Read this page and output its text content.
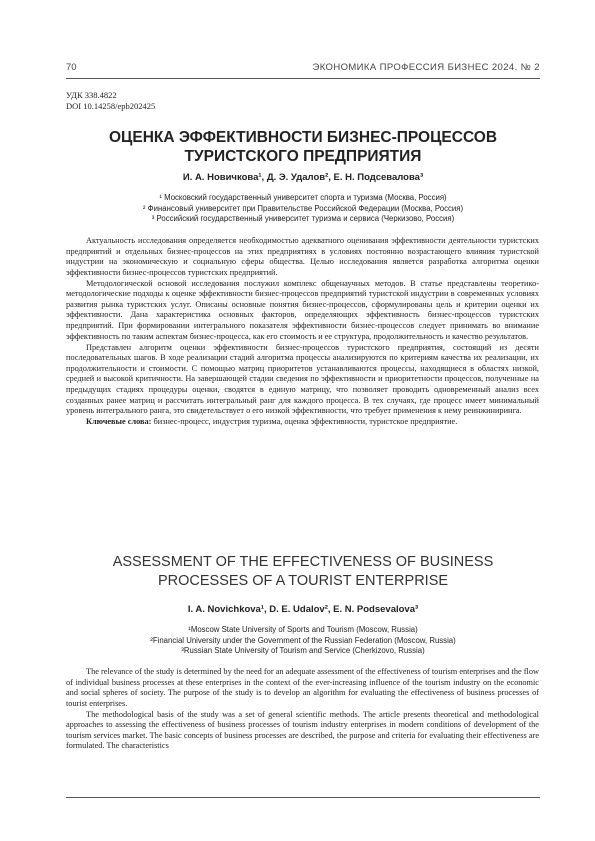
70	ЭКОНОМИКА ПРОФЕССИЯ БИЗНЕС 2024. № 2
УДК 338.4822
DOI 10.14258/epb202425
ОЦЕНКА ЭФФЕКТИВНОСТИ БИЗНЕС-ПРОЦЕССОВ
ТУРИСТСКОГО ПРЕДПРИЯТИЯ
И. А. Новичкова¹, Д. Э. Удалов², Е. Н. Подсевалова³
¹ Московский государственный университет спорта и туризма (Москва, Россия)
² Финансовый университет при Правительстве Российской Федерации (Москва, Россия)
³ Российский государственный университет туризма и сервиса (Черкизово, Россия)

Актуальность исследования определяется необходимостью адекватного оценивания эффективности деятельности туристских предприятий и отдельных бизнес-процессов на этих предприятиях в условиях постоянно возрастающего влияния туристской индустрии на экономическую и социальную сферы общества. Целью исследования является разработка алгоритма оценки эффективности бизнес-процессов туристских предприятий.

Методологической основой исследования послужил комплекс общенаучных методов. В статье представлены теоретико-методологические подходы к оценке эффективности бизнес-процессов предприятий туристской индустрии в современных условиях развития рынка туристских услуг. Описаны основные понятия бизнес-процессов, сформулированы цель и критерии оценки их эффективности. Дана характеристика основных факторов, определяющих эффективность бизнес-процессов туристских предприятий. При формировании интегрального показателя эффективности бизнес-процессов следует принимать во внимание эффективность по таким аспектам бизнес-процесса, как его стоимость и ее структура, продолжительность и качество результатов.

Представлен алгоритм оценки эффективности бизнес-процессов туристского предприятия, состоящий из десяти последовательных шагов. В ходе реализации стадий алгоритма процессы анализируются по критериям качества их реализации, их продолжительности и стоимости. С помощью матриц приоритетов устанавливаются процессы, находящиеся в областях низкой, средней и высокой критичности. На завершающей стадии сведения по эффективности и приоритетности процессов, полученные на предыдущих стадиях процедуры оценки, сводятся в единую матрицу, что позволяет проводить одновременный анализ всех созданных ранее матриц и рассчитать интегральный ранг для каждого процесса. В тех случаях, где процесс имеет минимальный уровень интегрального ранга, это свидетельствует о его низкой эффективности, что требует применения к нему реинжиниринга.

Ключевые слова: бизнес-процесс, индустрия туризма, оценка эффективности, туристское предприятие.

ASSESSMENT OF THE EFFECTIVENESS OF BUSINESS
PROCESSES OF A TOURIST ENTERPRISE
I. A. Novichkova¹, D. E. Udalov², E. N. Podsevalova³
¹Moscow State University of Sports and Tourism (Moscow, Russia)
²Financial University under the Government of the Russian Federation (Moscow, Russia)
³Russian State University of Tourism and Service (Cherkizovo, Russia)

The relevance of the study is determined by the need for an adequate assessment of the effectiveness of tourism enterprises and the flow of individual business processes at these enterprises in the context of the ever-increasing influence of the tourism industry on the economic and social spheres of society. The purpose of the study is to develop an algorithm for evaluating the effectiveness of business processes of tourist enterprises.

The methodological basis of the study was a set of general scientific methods. The article presents theoretical and methodological approaches to assessing the effectiveness of business processes of tourism industry enterprises in modern conditions of development of the tourism services market. The basic concepts of business processes are described, the purpose and criteria for evaluating their effectiveness are formulated. The characteristics
